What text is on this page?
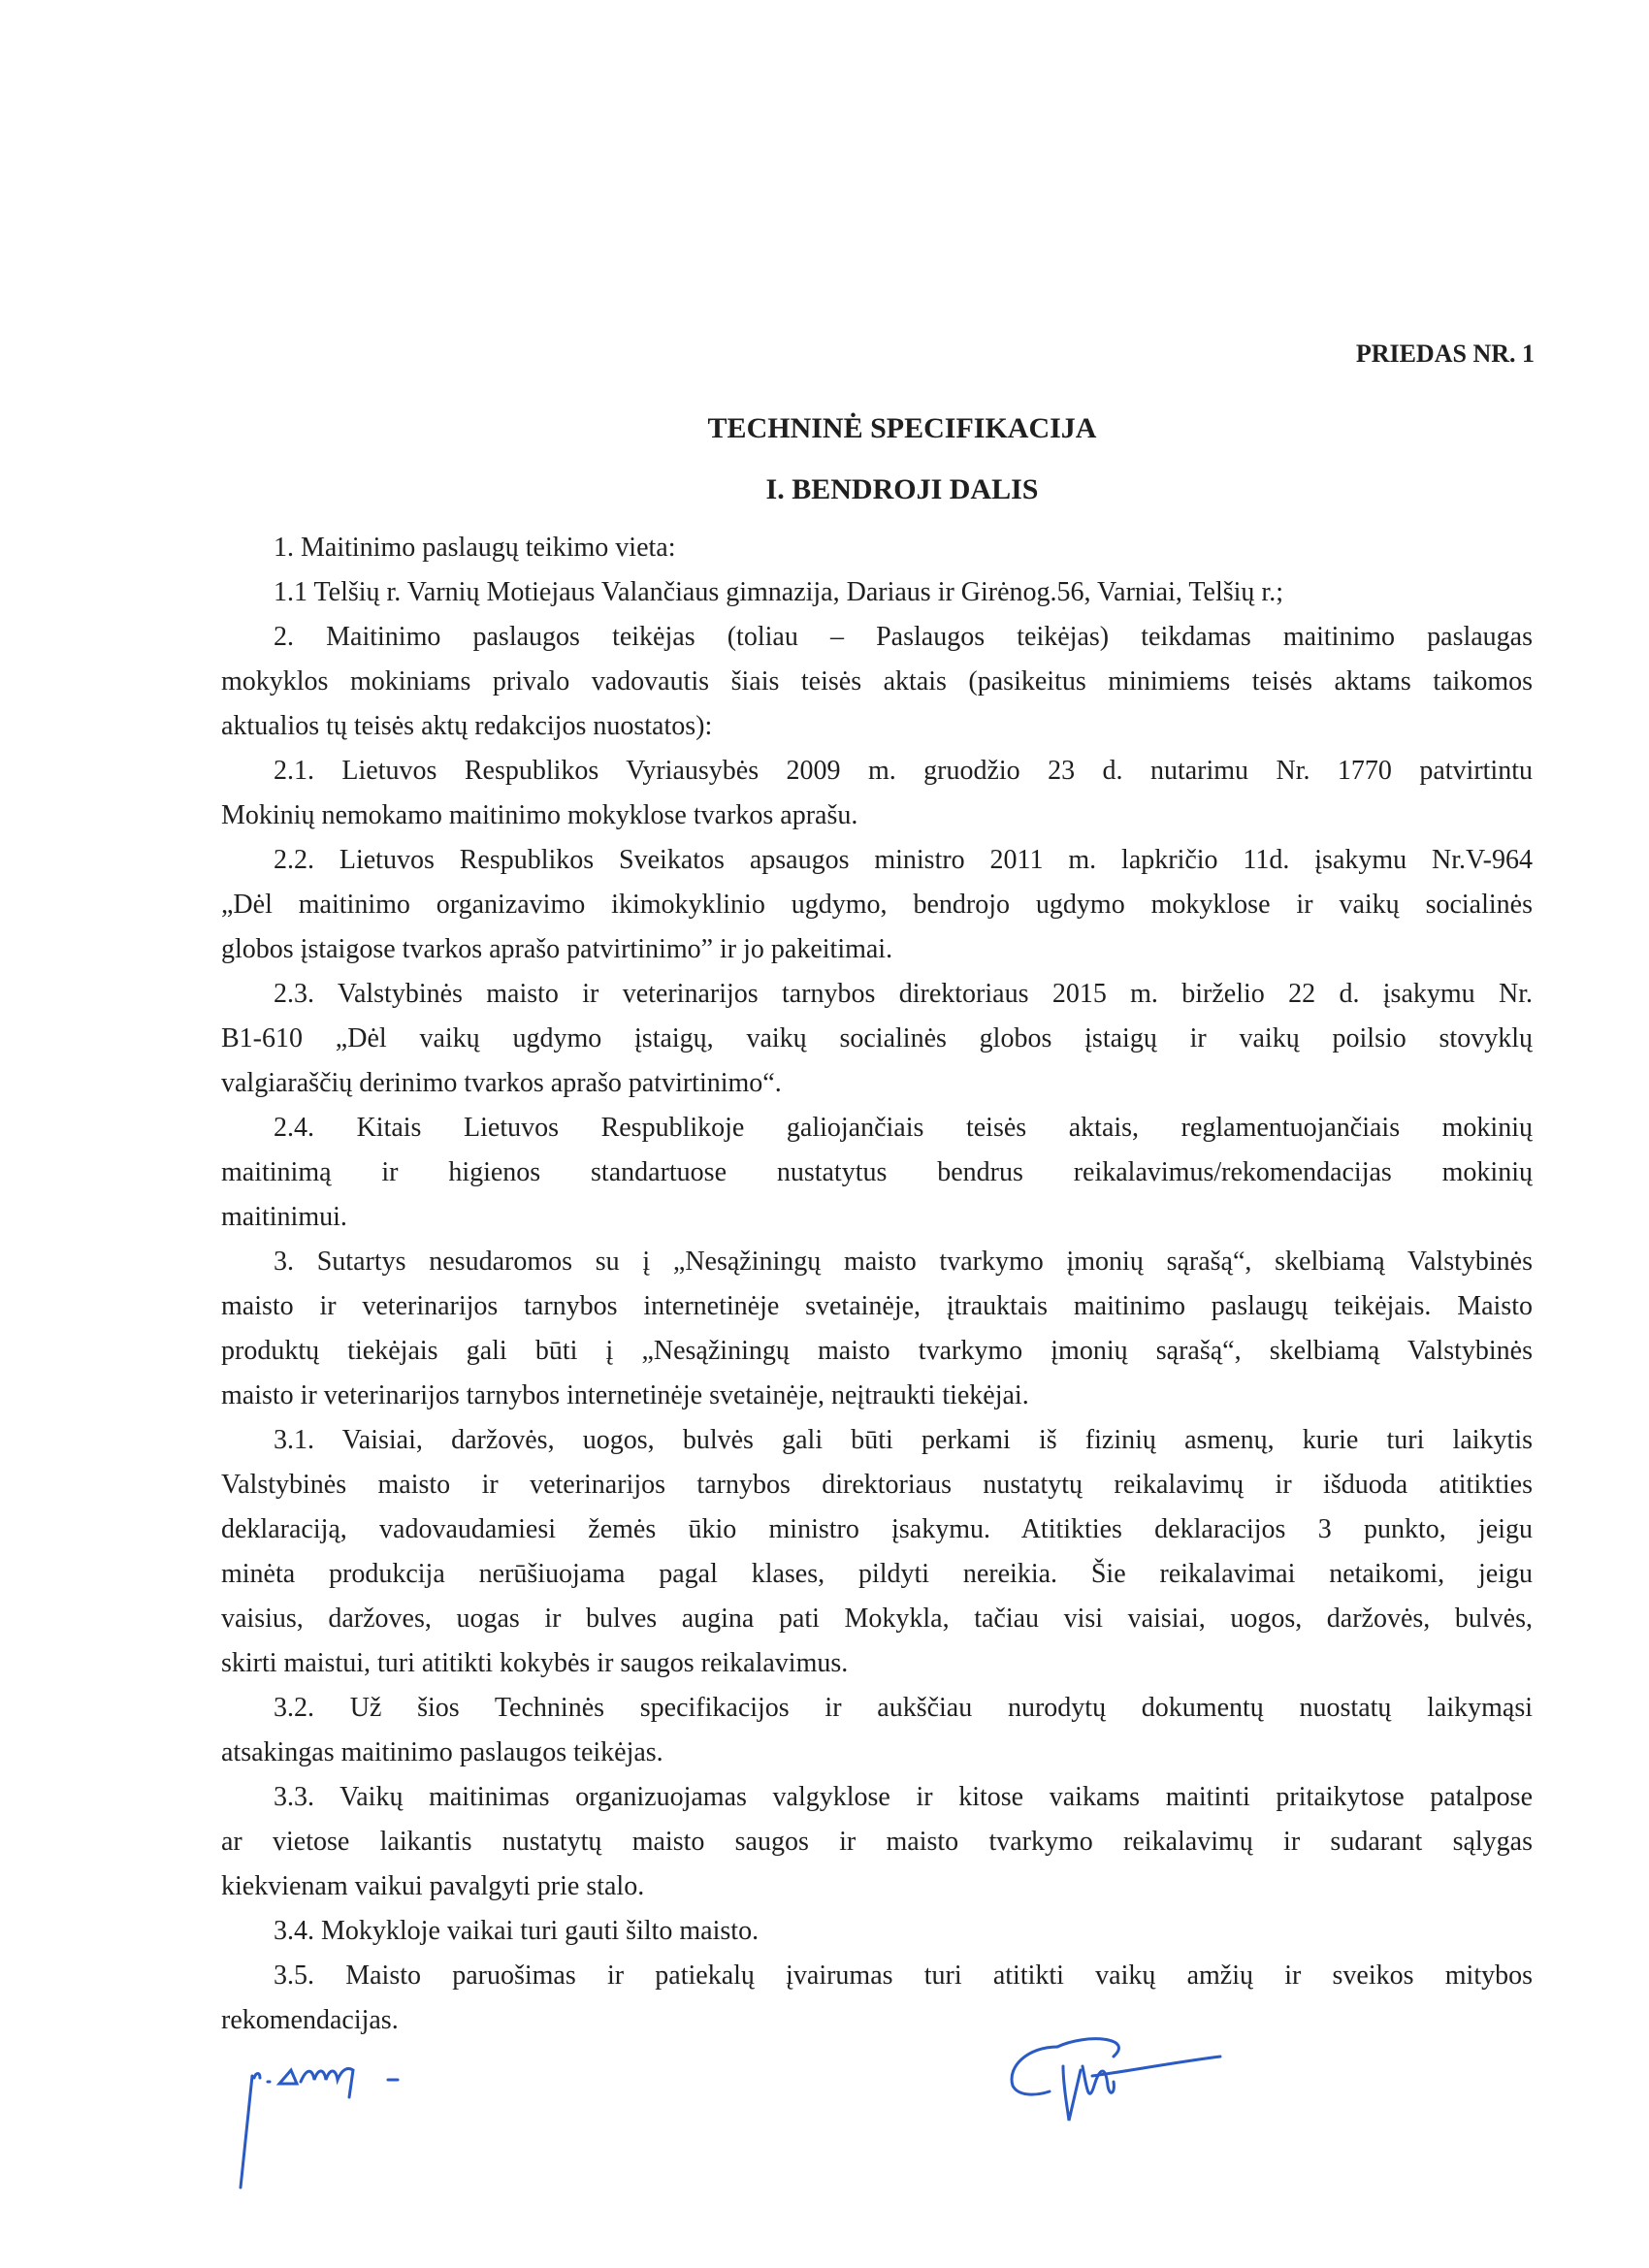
PRIEDAS NR. 1
TECHNINĖ SPECIFIKACIJA
I. BENDROJI DALIS
1. Maitinimo paslaugų teikimo vieta:
1.1 Telšių r. Varnių Motiejaus Valančiaus gimnazija, Dariaus ir Girėnog.56, Varniai, Telšių r.;
2. Maitinimo paslaugos teikėjas (toliau – Paslaugos teikėjas) teikdamas maitinimo paslaugas
mokyklos mokiniams privalo vadovautis šiais teisės aktais (pasikeitus minimiems teisės aktams taikomos
aktualios tų teisės aktų redakcijos nuostatos):
2.1. Lietuvos Respublikos Vyriausybės 2009 m. gruodžio 23 d. nutarimu Nr. 1770 patvirtintu
Mokinių nemokamo maitinimo mokyklose tvarkos aprašu.
2.2. Lietuvos Respublikos Sveikatos apsaugos ministro 2011 m. lapkričio 11d. įsakymu Nr.V-964
„Dėl maitinimo organizavimo ikimokyklinio ugdymo, bendrojo ugdymo mokyklose ir vaikų socialinės
globos įstaigose tvarkos aprašo patvirtinimo” ir jo pakeitimai.
2.3. Valstybinės maisto ir veterinarijos tarnybos direktoriaus 2015 m. birželio 22 d. įsakymu Nr.
B1-610 „Dėl vaikų ugdymo įstaigų, vaikų socialinės globos įstaigų ir vaikų poilsio stovyklų
valgiaraščių derinimo tvarkos aprašo patvirtinimo“.
2.4. Kitais Lietuvos Respublikoje galiojančiais teisės aktais, reglamentuojančiais mokinių
maitinimą ir higienos standartuose nustatytus bendrus reikalavimus/rekomendacijas mokinių
maitinimui.
3. Sutartys nesudaromos su į „Nesąžiningų maisto tvarkymo įmonių sąrašą“, skelbiamą Valstybinės
maisto ir veterinarijos tarnybos internetinėje svetainėje, įtrauktais maitinimo paslaugų teikėjais. Maisto
produktų tiekėjais gali būti į „Nesąžiningų maisto tvarkymo įmonių sąrašą“, skelbiamą Valstybinės
maisto ir veterinarijos tarnybos internetinėje svetainėje, neįtraukti tiekėjai.
3.1. Vaisiai, daržovės, uogos, bulvės gali būti perkami iš fizinių asmenų, kurie turi laikytis
Valstybinės maisto ir veterinarijos tarnybos direktoriaus nustatytų reikalavimų ir išduoda atitikties
deklaraciją, vadovaudamiesi žemės ūkio ministro įsakymu. Atitikties deklaracijos 3 punkto, jeigu
minėta produkcija nerūšiuojama pagal klases, pildyti nereikia. Šie reikalavimai netaikomi, jeigu
vaisius, daržoves, uogas ir bulves augina pati Mokykla, tačiau visi vaisiai, uogos, daržovės, bulvės,
skirti maistui, turi atitikti kokybės ir saugos reikalavimus.
3.2. Už šios Techninės specifikacijos ir aukščiau nurodytų dokumentų nuostatų laikymąsi
atsakingas maitinimo paslaugos teikėjas.
3.3. Vaikų maitinimas organizuojamas valgyklose ir kitose vaikams maitinti pritaikytose patalpose
ar vietose laikantis nustatytų maisto saugos ir maisto tvarkymo reikalavimų ir sudarant sąlygas
kiekvienam vaikui pavalgyti prie stalo.
3.4. Mokykloje vaikai turi gauti šilto maisto.
3.5. Maisto paruošimas ir patiekalų įvairumas turi atitikti vaikų amžių ir sveikos mitybos
rekomendacijas.
